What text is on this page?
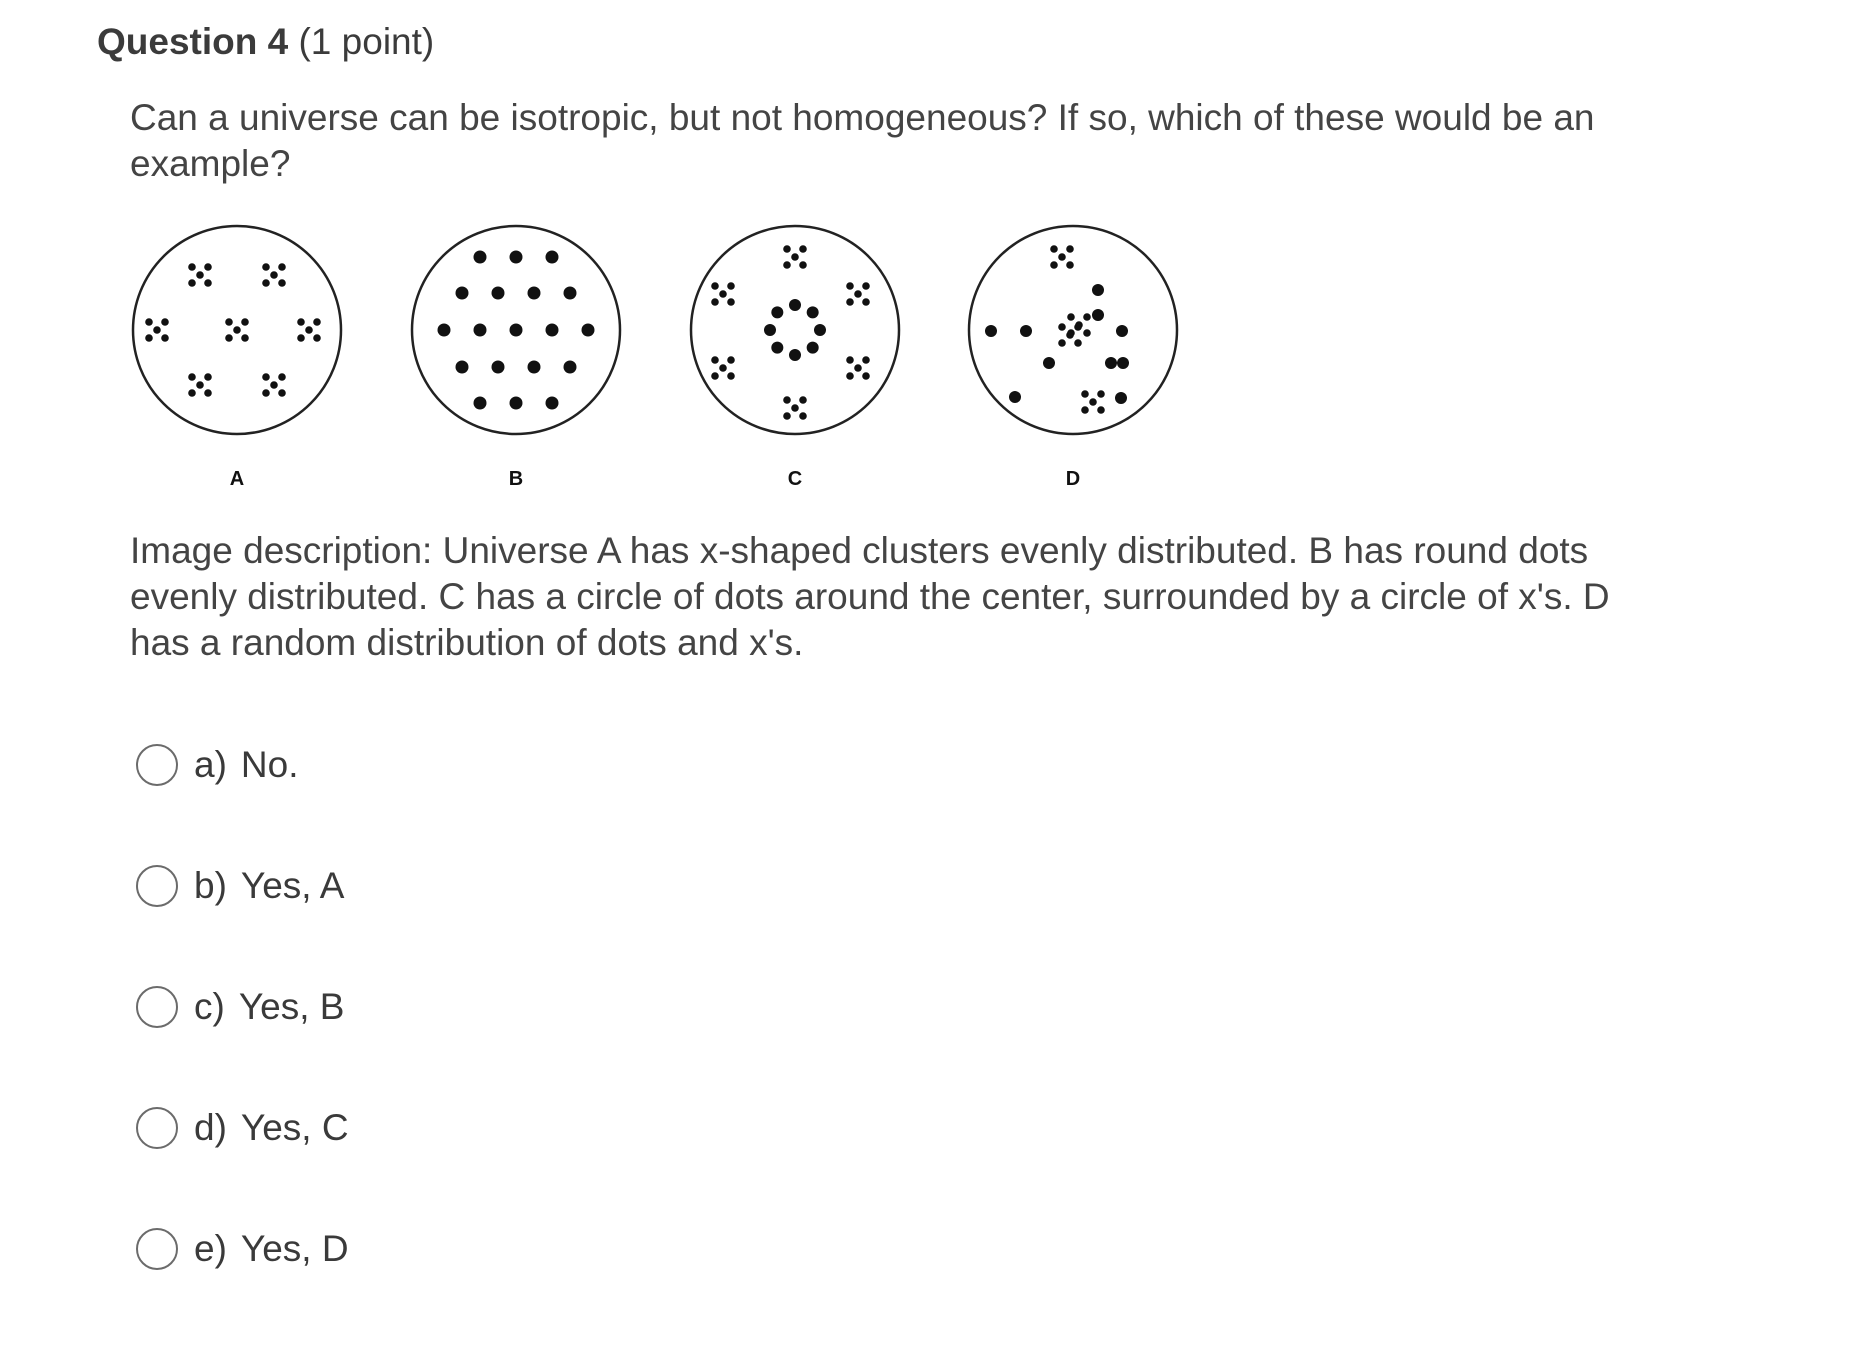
Question 4 (1 point)
Can a universe can be isotropic, but not homogeneous? If so, which of these would be an example?
A	B	C	D
Image description: Universe A has x-shaped clusters evenly distributed. B has round dots evenly distributed. C has a circle of dots around the center, surrounded by a circle of x's. D has a random distribution of dots and x's.
a) No.
b) Yes, A
c) Yes, B
d) Yes, C
e) Yes, D
